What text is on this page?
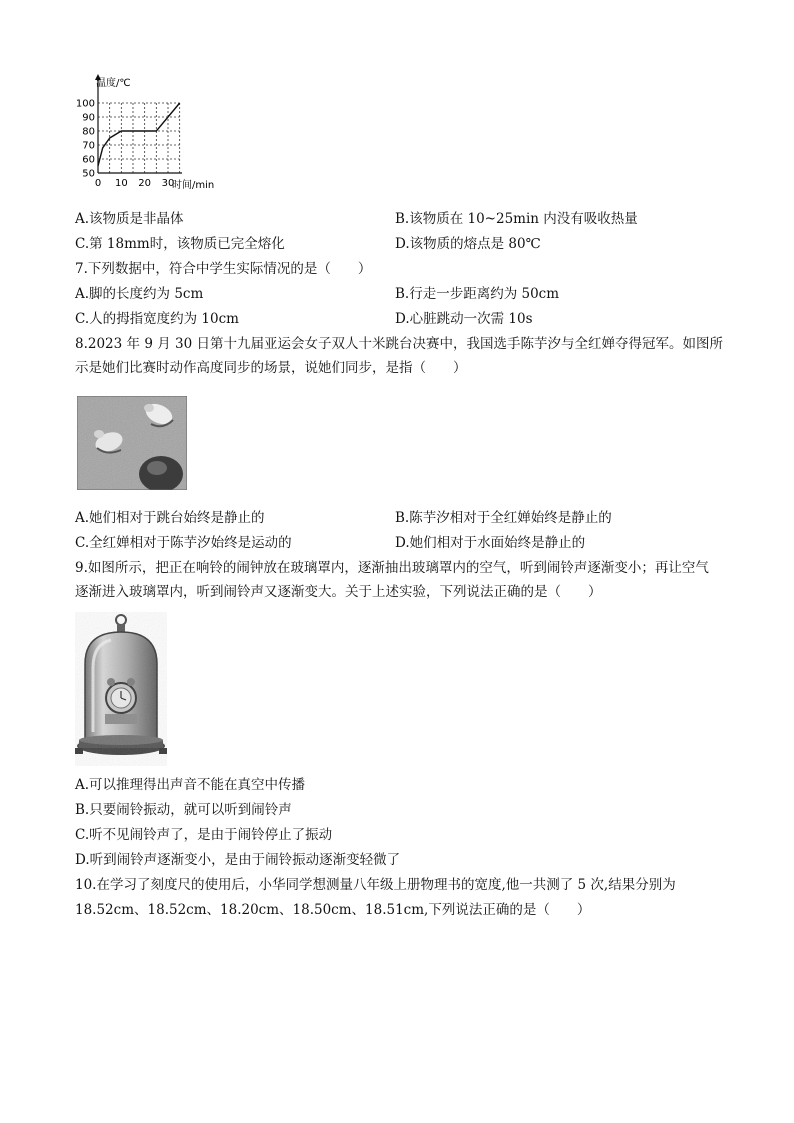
温度/℃
时间/min
100
90
80
70
60
50
0 10 20 30
A.该物质是非晶体	B.该物质在 10~25min 内没有吸收热量
C.第 18mm时，该物质已完全熔化	D.该物质的熔点是 80℃
7.下列数据中，符合中学生实际情况的是（　　）
A.脚的长度约为 5cm	B.行走一步距离约为 50cm
C.人的拇指宽度约为 10cm	D.心脏跳动一次需 10s
8.2023 年 9 月 30 日第十九届亚运会女子双人十米跳台决赛中，我国选手陈芋汐与全红婵夺得冠军。如图所
示是她们比赛时动作高度同步的场景，说她们同步，是指（　　）
A.她们相对于跳台始终是静止的	B.陈芋汐相对于全红婵始终是静止的
C.全红婵相对于陈芋汐始终是运动的	D.她们相对于水面始终是静止的
9.如图所示，把正在响铃的闹钟放在玻璃罩内，逐渐抽出玻璃罩内的空气，听到闹铃声逐渐变小；再让空气
逐渐进入玻璃罩内，听到闹铃声又逐渐变大。关于上述实验，下列说法正确的是（　　）
A.可以推理得出声音不能在真空中传播
B.只要闹铃振动，就可以听到闹铃声
C.听不见闹铃声了，是由于闹铃停止了振动
D.听到闹铃声逐渐变小，是由于闹铃振动逐渐变轻微了
10.在学习了刻度尺的使用后，小华同学想测量八年级上册物理书的宽度,他一共测了 5 次,结果分别为
18.52cm、18.52cm、18.20cm、18.50cm、18.51cm,下列说法正确的是（　　）
